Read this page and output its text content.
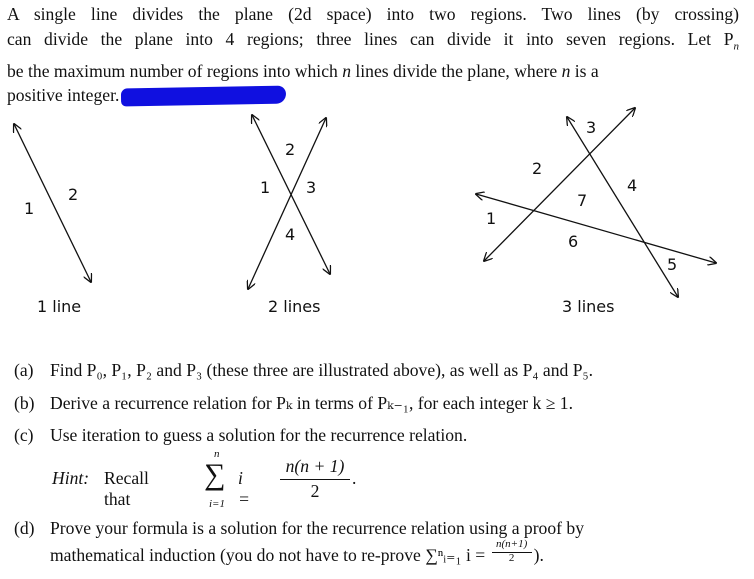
A single line divides the plane (2d space) into two regions. Two lines (by crossing)
can divide the plane into 4 regions; three lines can divide it into seven regions. Let $P_n$
be the maximum number of regions into which n lines divide the plane, where n is a
positive integer.
1
2
2
1 3
4
3
2
4
7
1
6
5
1 line	2 lines	3 lines
(a) Find P₀, P₁, P₂ and P₃ (these three are illustrated above), as well as P₄ and P₅.
(b) Derive a recurrence relation for Pₖ in terms of Pₖ₋₁, for each integer k ≥ 1.
(c) Use iteration to guess a solution for the recurrence relation.
Hint: Recall that
n
∑
i=1
i =
n(n + 1)
2
.
(d) Prove your formula is a solution for the recurrence relation using a proof by
mathematical induction (you do not have to re-prove ∑ⁿᵢ₌₁ $i = \frac{n(n+1)}{2}$ ).
